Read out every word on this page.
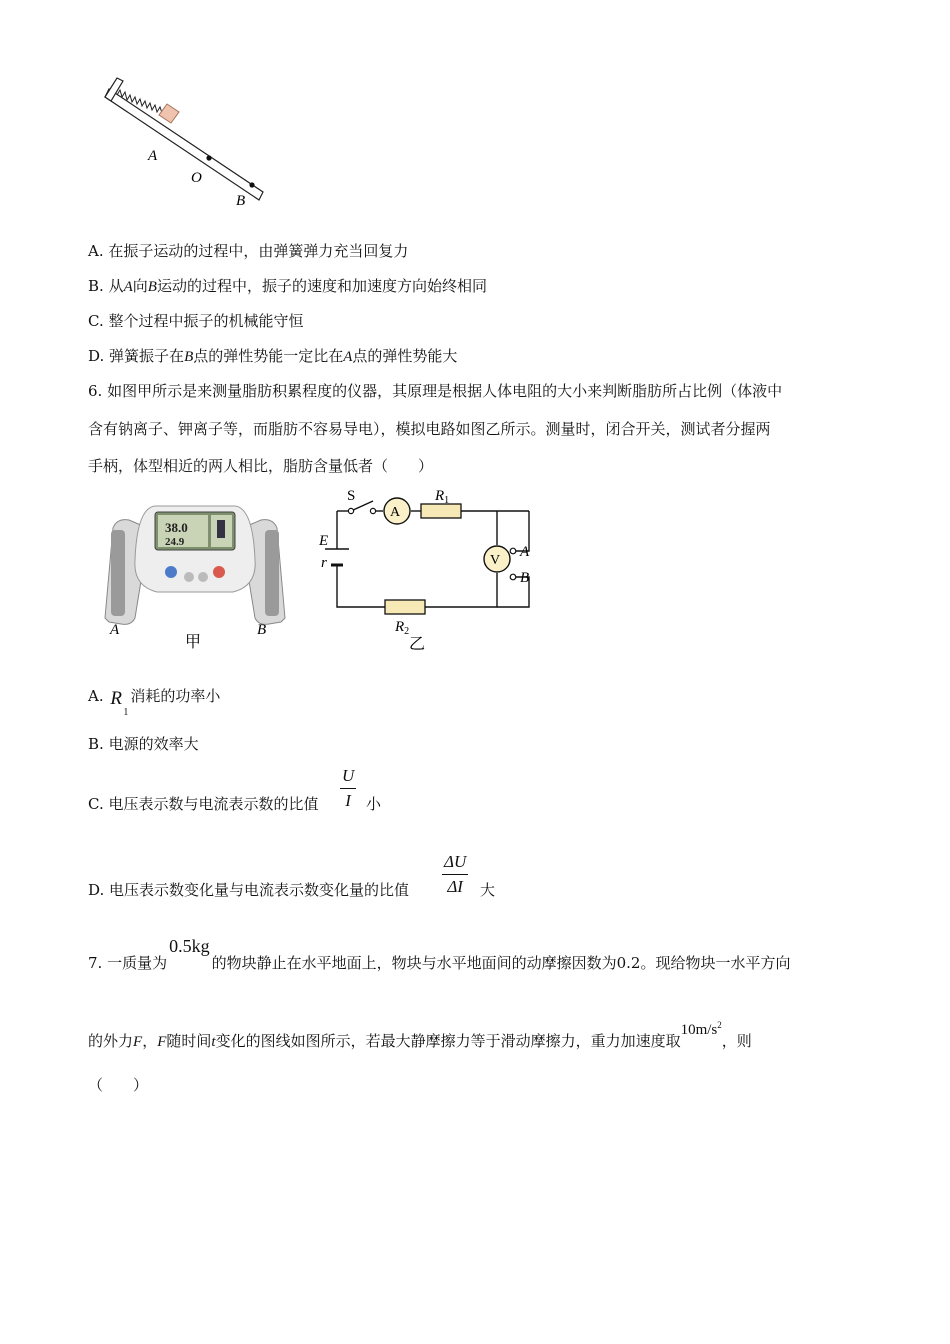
A
O
B
A. 在振子运动的过程中，由弹簧弹力充当回复力
B. 从A向B运动的过程中，振子的速度和加速度方向始终相同
C. 整个过程中振子的机械能守恒
D. 弹簧振子在B点的弹性势能一定比在A点的弹性势能大
6. 如图甲所示是来测量脂肪积累程度的仪器，其原理是根据人体电阻的大小来判断脂肪所占比例（体液中
含有钠离子、钾离子等，而脂肪不容易导电），模拟电路如图乙所示。测量时，闭合开关，测试者分握两
手柄，体型相近的两人相比，脂肪含量低者（　　）
38.0
24.9
A	B
甲
A
$R_1$
V
$R_2$
A
B
S
E
r
乙
A. R
1
消耗的功率小
B. 电源的效率大
C. 电压表示数与电流表示数的比值 $\frac{U}{I}$ 小
D. 电压表示数变化量与电流表示数变化量的比值 $\frac{\Delta U}{\Delta I}$ 大
7. 一质量为0.5kg的物块静止在水平地面上，物块与水平地面间的动摩擦因数为0.2。现给物块一水平方向
的外力F，F随时间t变化的图线如图所示，若最大静摩擦力等于滑动摩擦力，重力加速度取$10m/s^2$，则
（　　）
